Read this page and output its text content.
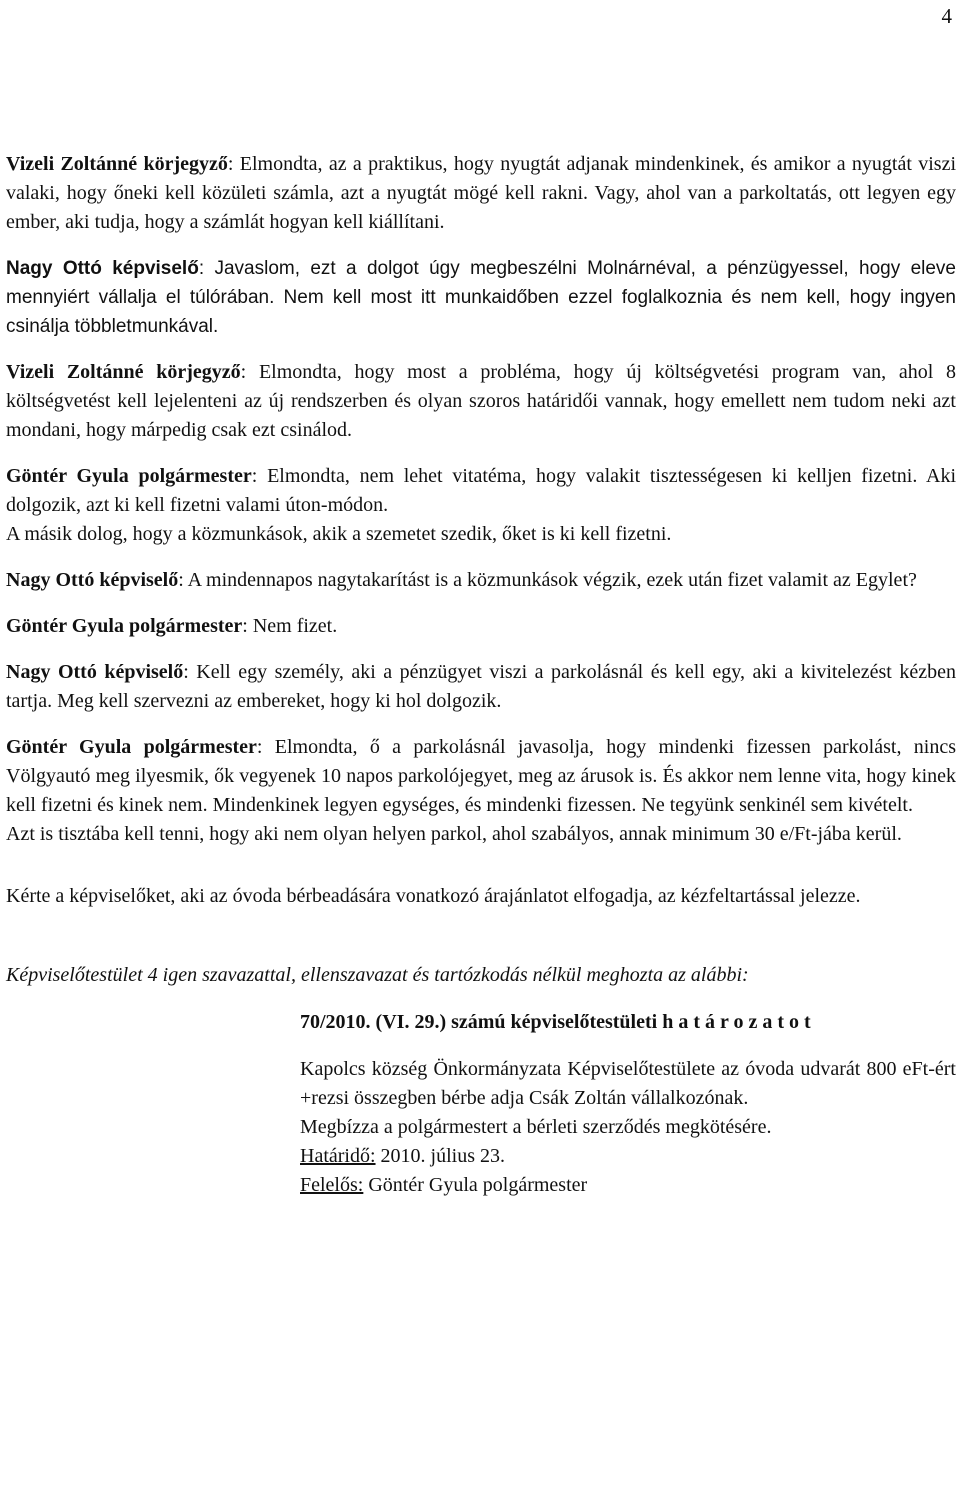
4

Vizeli Zoltánné körjegyző: Elmondta, az a praktikus, hogy nyugtát adjanak mindenkinek, és amikor a nyugtát viszi valaki, hogy őneki kell közületi számla, azt a nyugtát mögé kell rakni. Vagy, ahol van a parkoltatás, ott legyen egy ember, aki tudja, hogy a számlát hogyan kell kiállítani.

Nagy Ottó képviselő: Javaslom, ezt a dolgot úgy megbeszélni Molnárnéval, a pénzügyessel, hogy eleve mennyiért vállalja el túlórában. Nem kell most itt munkaidőben ezzel foglalkoznia és nem kell, hogy ingyen csinálja többletmunkával.

Vizeli Zoltánné körjegyző: Elmondta, hogy most a probléma, hogy új költségvetési program van, ahol 8 költségvetést kell lejelenteni az új rendszerben és olyan szoros határidői vannak, hogy emellett nem tudom neki azt mondani, hogy márpedig csak ezt csinálod.

Göntér Gyula polgármester: Elmondta, nem lehet vitatéma, hogy valakit tisztességesen ki kelljen fizetni. Aki dolgozik, azt ki kell fizetni valami úton-módon.

A másik dolog, hogy a közmunkások, akik a szemetet szedik, őket is ki kell fizetni.

Nagy Ottó képviselő: A mindennapos nagytakarítást is a közmunkások végzik, ezek után fizet valamit az Egylet?

Göntér Gyula polgármester: Nem fizet.

Nagy Ottó képviselő: Kell egy személy, aki a pénzügyet viszi a parkolásnál és kell egy, aki a kivitelezést kézben tartja. Meg kell szervezni az embereket, hogy ki hol dolgozik.

Göntér Gyula polgármester: Elmondta, ő a parkolásnál javasolja, hogy mindenki fizessen parkolást, nincs Völgyautó meg ilyesmik, ők vegyenek 10 napos parkolójegyet, meg az árusok is. És akkor nem lenne vita, hogy kinek kell fizetni és kinek nem. Mindenkinek legyen egységes, és mindenki fizessen. Ne tegyünk senkinél sem kivételt.

Azt is tisztába kell tenni, hogy aki nem olyan helyen parkol, ahol szabályos, annak minimum 30 e/Ft-jába kerül.

Kérte a képviselőket, aki az óvoda bérbeadására vonatkozó árajánlatot elfogadja, az kézfeltartással jelezze.

Képviselőtestület 4 igen szavazattal, ellenszavazat és tartózkodás nélkül meghozta az alábbi:

70/2010. (VI. 29.) számú képviselőtestületi h a t á r o z a t o t

Kapolcs község Önkormányzata Képviselőtestülete az óvoda udvarát 800 eFt-ért +rezsi összegben bérbe adja Csák Zoltán vállalkozónak.

Megbízza a polgármestert a bérleti szerződés megkötésére.

Határidő: 2010. július 23.

Felelős: Göntér Gyula polgármester
